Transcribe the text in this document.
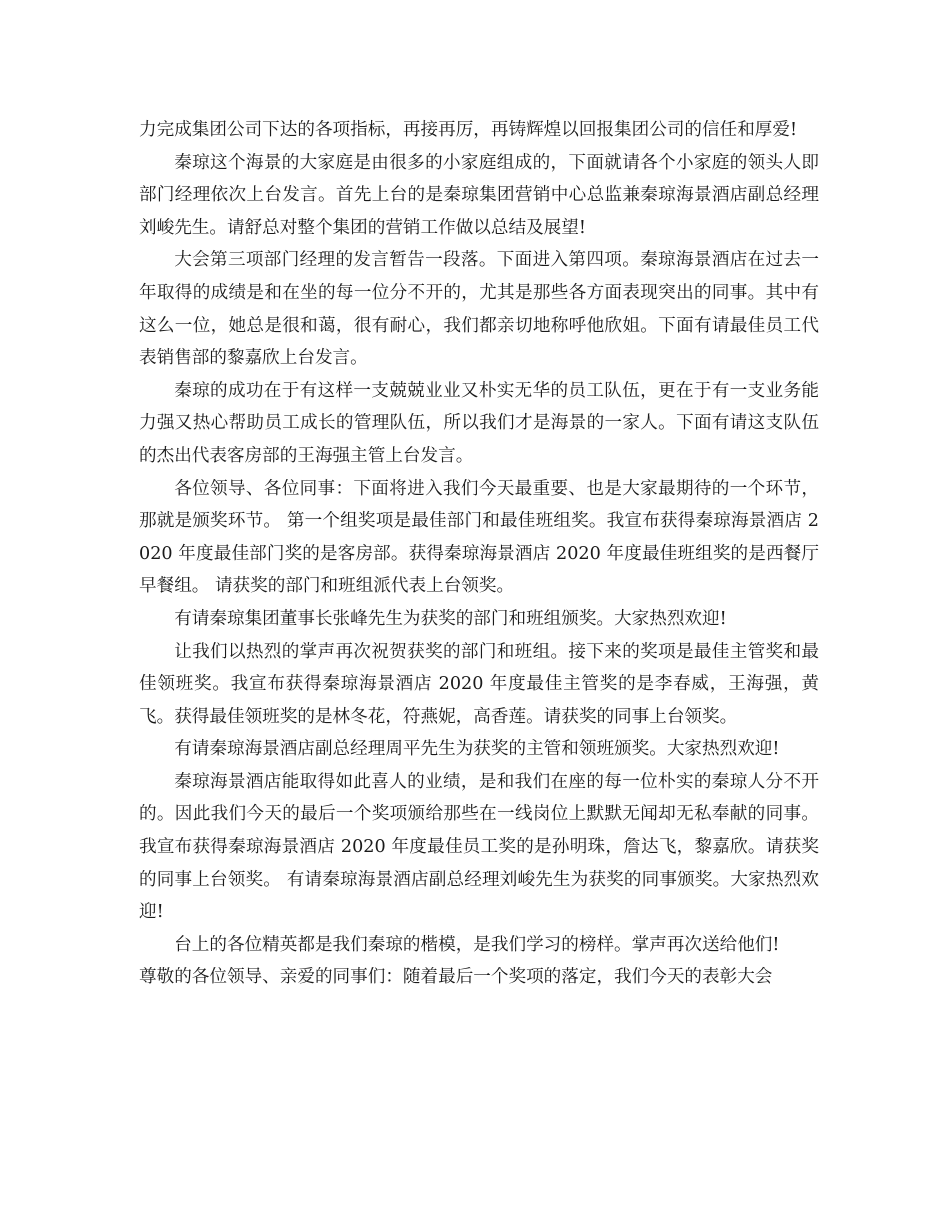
力完成集团公司下达的各项指标，再接再厉，再铸辉煌以回报集团公司的信任和厚爱!

秦琼这个海景的大家庭是由很多的小家庭组成的，下面就请各个小家庭的领头人即部门经理依次上台发言。首先上台的是秦琼集团营销中心总监兼秦琼海景酒店副总经理刘峻先生。请舒总对整个集团的营销工作做以总结及展望!

大会第三项部门经理的发言暂告一段落。下面进入第四项。秦琼海景酒店在过去一年取得的成绩是和在坐的每一位分不开的，尤其是那些各方面表现突出的同事。其中有这么一位，她总是很和蔼，很有耐心，我们都亲切地称呼他欣姐。下面有请最佳员工代表销售部的黎嘉欣上台发言。

秦琼的成功在于有这样一支兢兢业业又朴实无华的员工队伍，更在于有一支业务能力强又热心帮助员工成长的管理队伍，所以我们才是海景的一家人。下面有请这支队伍的杰出代表客房部的王海强主管上台发言。

各位领导、各位同事：下面将进入我们今天最重要、也是大家最期待的一个环节，那就是颁奖环节。 第一个组奖项是最佳部门和最佳班组奖。我宣布获得秦琼海景酒店 2020 年度最佳部门奖的是客房部。获得秦琼海景酒店 2020 年度最佳班组奖的是西餐厅早餐组。 请获奖的部门和班组派代表上台领奖。

有请秦琼集团董事长张峰先生为获奖的部门和班组颁奖。大家热烈欢迎!

让我们以热烈的掌声再次祝贺获奖的部门和班组。接下来的奖项是最佳主管奖和最佳领班奖。我宣布获得秦琼海景酒店 2020 年度最佳主管奖的是李春威，王海强，黄飞。获得最佳领班奖的是林冬花，符燕妮，高香莲。请获奖的同事上台领奖。

有请秦琼海景酒店副总经理周平先生为获奖的主管和领班颁奖。大家热烈欢迎!

秦琼海景酒店能取得如此喜人的业绩，是和我们在座的每一位朴实的秦琼人分不开的。因此我们今天的最后一个奖项颁给那些在一线岗位上默默无闻却无私奉献的同事。我宣布获得秦琼海景酒店 2020 年度最佳员工奖的是孙明珠，詹达飞，黎嘉欣。请获奖的同事上台领奖。 有请秦琼海景酒店副总经理刘峻先生为获奖的同事颁奖。大家热烈欢迎!

台上的各位精英都是我们秦琼的楷模，是我们学习的榜样。掌声再次送给他们!

尊敬的各位领导、亲爱的同事们：随着最后一个奖项的落定，我们今天的表彰大会
